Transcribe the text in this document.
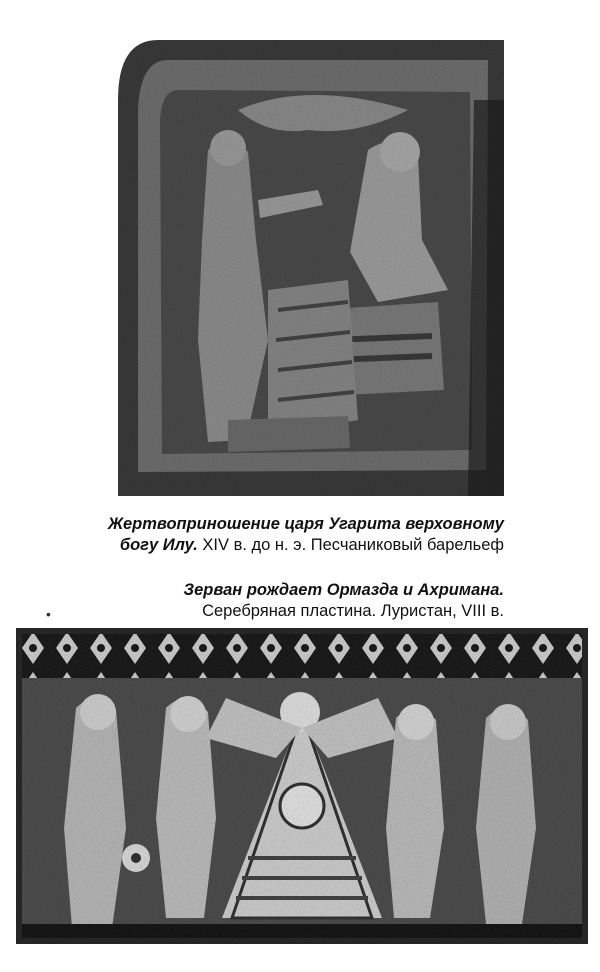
Жертвоприношение царя Угарита верховному
богу Илу. XIV в. до н. э. Песчаниковый барельеф
Зерван рождает Ормазда и Ахримана.
Серебряная пластина. Луристан, VIII в.
•
